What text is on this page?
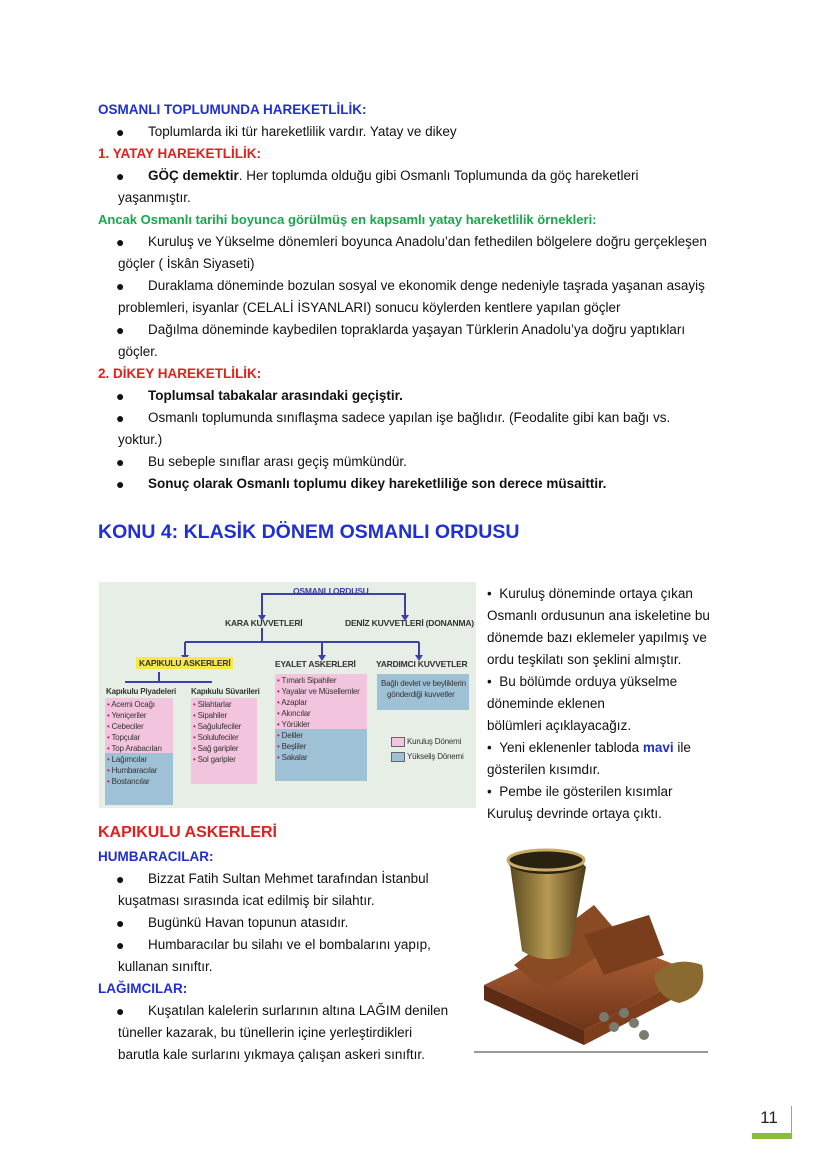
OSMANLI TOPLUMUNDA HAREKETLİLİK:
● Toplumlarda iki tür hareketlilik vardır. Yatay ve dikey
1. YATAY HAREKETLİLİK:
● GÖÇ demektir. Her toplumda olduğu gibi Osmanlı Toplumunda da göç hareketleri
yaşanmıştır.
Ancak Osmanlı tarihi boyunca görülmüş en kapsamlı yatay hareketlilik örnekleri:
● Kuruluş ve Yükselme dönemleri boyunca Anadolu’dan fethedilen bölgelere doğru gerçekleşen
göçler ( İskân Siyaseti)
● Duraklama döneminde bozulan sosyal ve ekonomik denge nedeniyle taşrada yaşanan asayiş
problemleri, isyanlar (CELALİ İSYANLARI) sonucu köylerden kentlere yapılan göçler
● Dağılma döneminde kaybedilen topraklarda yaşayan Türklerin Anadolu’ya doğru yaptıkları
göçler.
2. DİKEY HAREKETLİLİK:
● Toplumsal tabakalar arasındaki geçiştir.
● Osmanlı toplumunda sınıflaşma sadece yapılan işe bağlıdır. (Feodalite gibi kan bağı vs.
yoktur.)
● Bu sebeple sınıflar arası geçiş mümkündür.
● Sonuç olarak Osmanlı toplumu dikey hareketliliğe son derece müsaittir.
KONU 4: KLASİK DÖNEM OSMANLI ORDUSU
OSMANLI ORDUSU
KARA KUVVETLERİ	DENİZ KUVVETLERİ (DONANMA)
KAPIKULU ASKERLERİ	EYALET ASKERLERİ YARDIMCI KUVVETLER
Kapıkulu Piyadeleri Kapıkulu Süvarileri
• Acemi Ocağı
• Yeniçeriler
• Cebeciler
• Topçular
• Top Arabacıları
• Lağımcılar
• Humbaracılar
• Bostancılar
• Silahtarlar
• Sipahiler
• Sağulufeciler
• Solulufeciler
• Sağ garipler
• Sol garipler
• Tımarlı Sipahiler
• Yayalar ve Müsellemler
• Azaplar
• Akıncılar
• Yörükler
• Deliler
• Beşliler
• Sakalar
Bağlı devlet ve beyliklerin
gönderdiği kuvvetler
Kuruluş Dönemi
Yükseliş Dönemi
•  Kuruluş döneminde ortaya çıkan
Osmanlı ordusunun ana iskeletine bu
dönemde bazı eklemeler yapılmış ve
ordu teşkilatı son şeklini almıştır.
•  Bu bölümde orduya yükselme
döneminde eklenen
bölümleri açıklayacağız.
•  Yeni eklenenler tabloda mavi ile
gösterilen kısımdır.
•  Pembe ile gösterilen kısımlar
Kuruluş devrinde ortaya çıktı.
KAPIKULU ASKERLERİ
HUMBARACILAR:
● Bizzat Fatih Sultan Mehmet tarafından İstanbul
kuşatması sırasında icat edilmiş bir silahtır.
● Bugünkü Havan topunun atasıdır.
● Humbaracılar bu silahı ve el bombalarını yapıp,
kullanan sınıftır.
LAĞIMCILAR:
● Kuşatılan kalelerin surlarının altına LAĞIM denilen
tüneller kazarak, bu tünellerin içine yerleştirdikleri
barutla kale surlarını yıkmaya çalışan askeri sınıftır.
11
